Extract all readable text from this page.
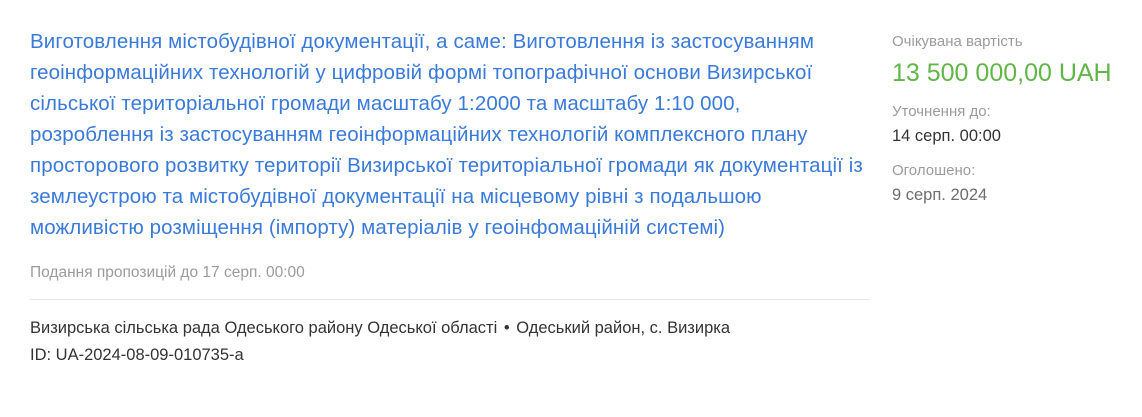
Виготовлення містобудівної документації, а саме: Виготовлення із застосуванням геоінформаційних технологій у цифровій формі топографічної основи Визирської сільської територіальної громади масштабу 1:2000 та масштабу 1:10 000, розроблення із застосуванням геоінформаційних технологій комплексного плану просторового розвитку території Визирської територіальної громади як документації із землеустрою та містобудівної документації на місцевому рівні з подальшою можливістю розміщення (імпорту) матеріалів у геоінфомаційній системі)
Подання пропозицій до 17 серп. 00:00
Визирська сільська рада Одеського району Одеської області • Одеський район, с. Визирка
ID: UA-2024-08-09-010735-a
Очікувана вартість
13 500 000,00 UAH
Уточнення до:
14 серп. 00:00
Оголошено:
9 серп. 2024
